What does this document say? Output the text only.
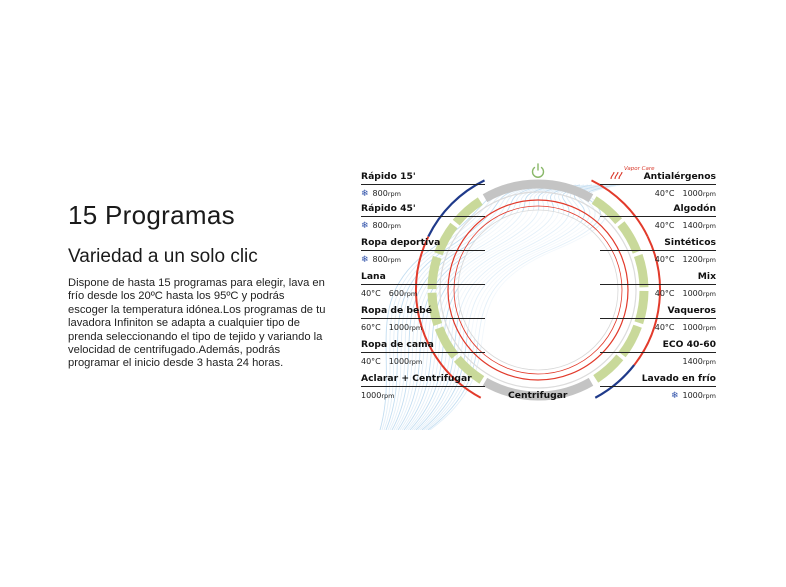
15 Programas
Variedad a un solo clic
Dispone de hasta 15 programas para elegir, lava en frío desde los 20ºC hasta los 95ºC y podrás escoger la temperatura idónea.Los programas de tu lavadora Infiniton se adapta a cualquier tipo de prenda seleccionando el tipo de tejido y variando la velocidad de centrifugado.Además, podrás programar el inicio desde 3 hasta 24 horas.
Vapor Care
Rápido 15'
❄ 800rpm
Rápido 45'
❄ 800rpm
Ropa deportiva
❄ 800rpm
Lana
40°C 600rpm
Ropa de bebé
60°C 1000rpm
Ropa de cama
40°C 1000rpm
Aclarar + Centrifugar
1000rpm
Antialérgenos
40°C 1000rpm
Algodón
40°C 1400rpm
Sintéticos
40°C 1200rpm
Mix
40°C 1000rpm
Vaqueros
40°C 1000rpm
ECO 40-60
1400rpm
Lavado en frío
❄ 1000rpm
Centrifugar
